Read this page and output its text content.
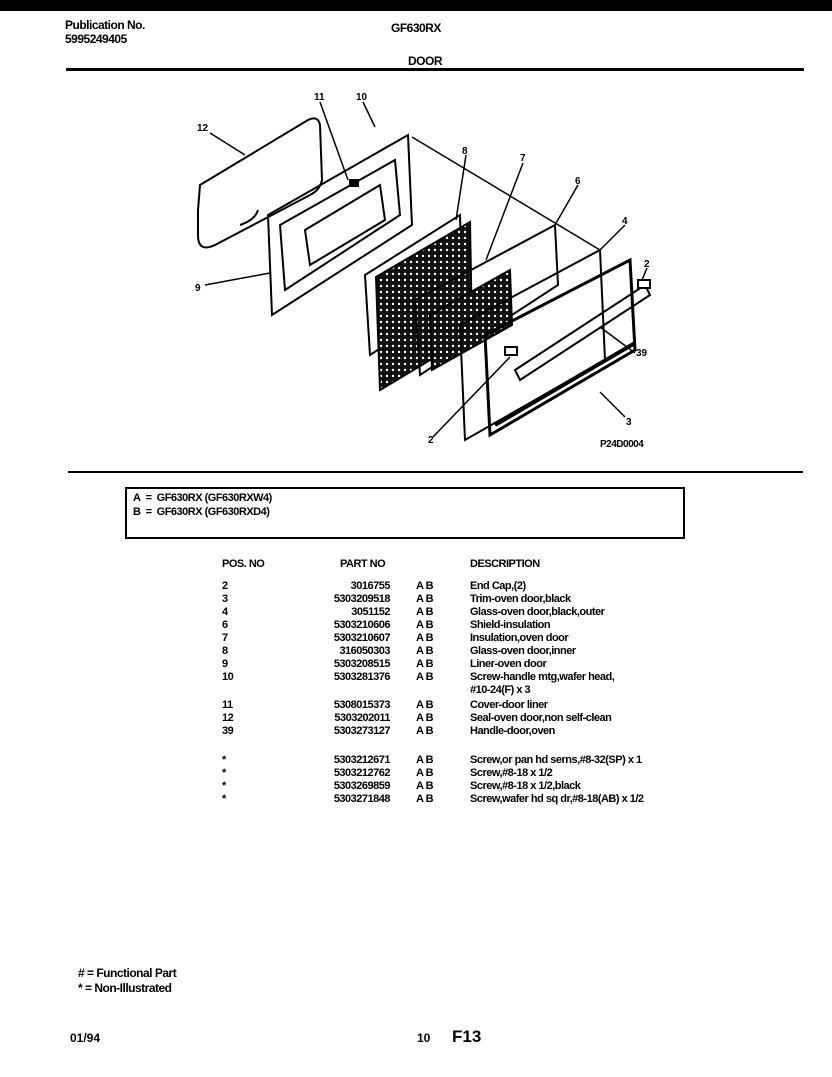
Publication No.
5995249405
GF630RX
DOOR
12
11	10
9
8
7
6
4
2
39
3
2	P24D0004
A = GF630RX (GF630RXW4)
B = GF630RX (GF630RXD4)
POS. NO	PART NO	DESCRIPTION
2	3016755 A B	End Cap,(2)
3	5303209518 A B	Trim-oven door,black
4	3051152 A B	Glass-oven door,black,outer
6	5303210606 A B	Shield-insulation
7	5303210607 A B	Insulation,oven door
8	316050303 A B	Glass-oven door,inner
9	5303208515 A B	Liner-oven door
10	5303281376 A B	Screw-handle mtg,wafer head,
#10-24(F) x 3
11	5308015373 A B	Cover-door liner
12	5303202011 A B	Seal-oven door,non self-clean
39	5303273127 A B	Handle-door,oven
*	5303212671 A B	Screw,or pan hd serns,#8-32(SP) x 1
*	5303212762 A B	Screw,#8-18 x 1/2
*	5303269859 A B	Screw,#8-18 x 1/2,black
*	5303271848 A B	Screw,wafer hd sq dr,#8-18(AB) x 1/2
# = Functional Part
* = Non-Illustrated
01/94	10 F13
